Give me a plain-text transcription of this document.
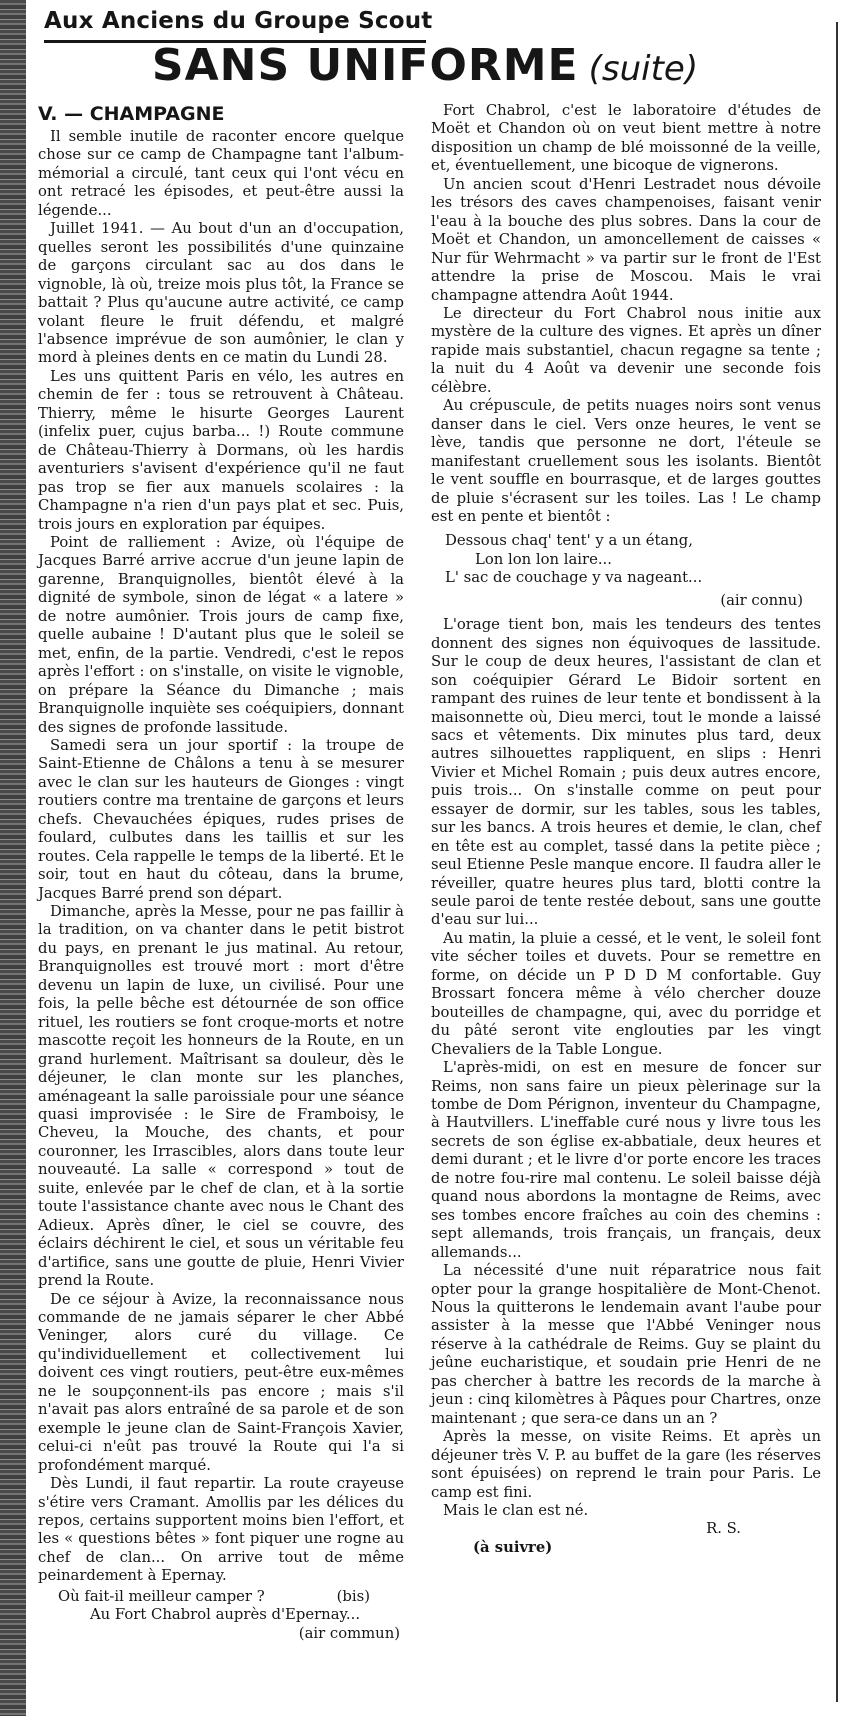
Aux Anciens du Groupe Scout
SANS UNIFORME (suite)
V. — CHAMPAGNE

Il semble inutile de raconter encore quelque chose sur ce camp de Champagne tant l'album-mémorial a circulé, tant ceux qui l'ont vécu en ont retracé les épisodes, et peut-être aussi la légende...

Juillet 1941. — Au bout d'un an d'occupation, quelles seront les possibilités d'une quinzaine de garçons circulant sac au dos dans le vignoble, là où, treize mois plus tôt, la France se battait ? Plus qu'aucune autre activité, ce camp volant fleure le fruit défendu, et malgré l'absence imprévue de son aumônier, le clan y mord à pleines dents en ce matin du Lundi 28.

Les uns quittent Paris en vélo, les autres en chemin de fer : tous se retrouvent à Château. Thierry, même le hisurte Georges Laurent (infelix puer, cujus barba... !) Route commune de Château-Thierry à Dormans, où les hardis aventuriers s'avisent d'expérience qu'il ne faut pas trop se fier aux manuels scolaires : la Champagne n'a rien d'un pays plat et sec. Puis, trois jours en exploration par équipes.

Point de ralliement : Avize, où l'équipe de Jacques Barré arrive accrue d'un jeune lapin de garenne, Branquignolles, bientôt élevé à la dignité de symbole, sinon de légat « a latere » de notre aumônier. Trois jours de camp fixe, quelle aubaine ! D'autant plus que le soleil se met, enfin, de la partie. Vendredi, c'est le repos après l'effort : on s'installe, on visite le vignoble, on prépare la Séance du Dimanche ; mais Branquignolle inquiète ses coéquipiers, donnant des signes de profonde lassitude.

Samedi sera un jour sportif : la troupe de Saint-Etienne de Châlons a tenu à se mesurer avec le clan sur les hauteurs de Gionges : vingt routiers contre ma trentaine de garçons et leurs chefs. Chevauchées épiques, rudes prises de foulard, culbutes dans les taillis et sur les routes. Cela rappelle le temps de la liberté. Et le soir, tout en haut du côteau, dans la brume, Jacques Barré prend son départ.

Dimanche, après la Messe, pour ne pas faillir à la tradition, on va chanter dans le petit bistrot du pays, en prenant le jus matinal. Au retour, Branquignolles est trouvé mort : mort d'être devenu un lapin de luxe, un civilisé. Pour une fois, la pelle bêche est détournée de son office rituel, les routiers se font croque-morts et notre mascotte reçoit les honneurs de la Route, en un grand hurlement. Maîtrisant sa douleur, dès le déjeuner, le clan monte sur les planches, aménageant la salle paroissiale pour une séance quasi improvisée : le Sire de Framboisy, le Cheveu, la Mouche, des chants, et pour couronner, les Irrascibles, alors dans toute leur nouveauté. La salle « correspond » tout de suite, enlevée par le chef de clan, et à la sortie toute l'assistance chante avec nous le Chant des Adieux. Après dîner, le ciel se couvre, des éclairs déchirent le ciel, et sous un véritable feu d'artifice, sans une goutte de pluie, Henri Vivier prend la Route.

De ce séjour à Avize, la reconnaissance nous commande de ne jamais séparer le cher Abbé Veninger, alors curé du village. Ce qu'individuellement et collectivement lui doivent ces vingt routiers, peut-être eux-mêmes ne le soupçonnent-ils pas encore ; mais s'il n'avait pas alors entraîné de sa parole et de son exemple le jeune clan de Saint-François Xavier, celui-ci n'eût pas trouvé la Route qui l'a si profondément marqué.

Dès Lundi, il faut repartir. La route crayeuse s'étire vers Cramant. Amollis par les délices du repos, certains supportent moins bien l'effort, et les « questions bêtes » font piquer une rogne au chef de clan... On arrive tout de même peinardement à Epernay.

Où fait-il meilleur camper ?	(bis)
Au Fort Chabrol auprès d'Epernay...
(air commun)

Fort Chabrol, c'est le laboratoire d'études de Moët et Chandon où on veut bient mettre à notre disposition un champ de blé moissonné de la veille, et, éventuellement, une bicoque de vignerons.

Un ancien scout d'Henri Lestradet nous dévoile les trésors des caves champenoises, faisant venir l'eau à la bouche des plus sobres. Dans la cour de Moët et Chandon, un amoncellement de caisses « Nur für Wehrmacht » va partir sur le front de l'Est attendre la prise de Moscou. Mais le vrai champagne attendra Août 1944.

Le directeur du Fort Chabrol nous initie aux mystère de la culture des vignes. Et après un dîner rapide mais substantiel, chacun regagne sa tente ; la nuit du 4 Août va devenir une seconde fois célèbre.

Au crépuscule, de petits nuages noirs sont venus danser dans le ciel. Vers onze heures, le vent se lève, tandis que personne ne dort, l'éteule se manifestant cruellement sous les isolants. Bientôt le vent souffle en bourrasque, et de larges gouttes de pluie s'écrasent sur les toiles. Las ! Le champ est en pente et bientôt :

Dessous chaq' tent' y a un étang,
Lon lon lon laire...
L' sac de couchage y va nageant...
(air connu)

L'orage tient bon, mais les tendeurs des tentes donnent des signes non équivoques de lassitude. Sur le coup de deux heures, l'assistant de clan et son coéquipier Gérard Le Bidoir sortent en rampant des ruines de leur tente et bondissent à la maisonnette où, Dieu merci, tout le monde a laissé sacs et vêtements. Dix minutes plus tard, deux autres silhouettes rappliquent, en slips : Henri Vivier et Michel Romain ; puis deux autres encore, puis trois... On s'installe comme on peut pour essayer de dormir, sur les tables, sous les tables, sur les bancs. A trois heures et demie, le clan, chef en tête est au complet, tassé dans la petite pièce ; seul Etienne Pesle manque encore. Il faudra aller le réveiller, quatre heures plus tard, blotti contre la seule paroi de tente restée debout, sans une goutte d'eau sur lui...

Au matin, la pluie a cessé, et le vent, le soleil font vite sécher toiles et duvets. Pour se remettre en forme, on décide un P D D M confortable. Guy Brossart foncera même à vélo chercher douze bouteilles de champagne, qui, avec du porridge et du pâté seront vite englouties par les vingt Chevaliers de la Table Longue.

L'après-midi, on est en mesure de foncer sur Reims, non sans faire un pieux pèlerinage sur la tombe de Dom Pérignon, inventeur du Champagne, à Hautvillers. L'ineffable curé nous y livre tous les secrets de son église ex-abbatiale, deux heures et demi durant ; et le livre d'or porte encore les traces de notre fou-rire mal contenu. Le soleil baisse déjà quand nous abordons la montagne de Reims, avec ses tombes encore fraîches au coin des chemins : sept allemands, trois français, un français, deux allemands...

La nécessité d'une nuit réparatrice nous fait opter pour la grange hospitalière de Mont-Chenot. Nous la quitterons le lendemain avant l'aube pour assister à la messe que l'Abbé Veninger nous réserve à la cathédrale de Reims. Guy se plaint du jeûne eucharistique, et soudain prie Henri de ne pas chercher à battre les records de la marche à jeun : cinq kilomètres à Pâques pour Chartres, onze maintenant ; que sera-ce dans un an ?

Après la messe, on visite Reims. Et après un déjeuner très V. P. au buffet de la gare (les réserves sont épuisées) on reprend le train pour Paris. Le camp est fini.

Mais le clan est né.

R. S.

(à suivre)
